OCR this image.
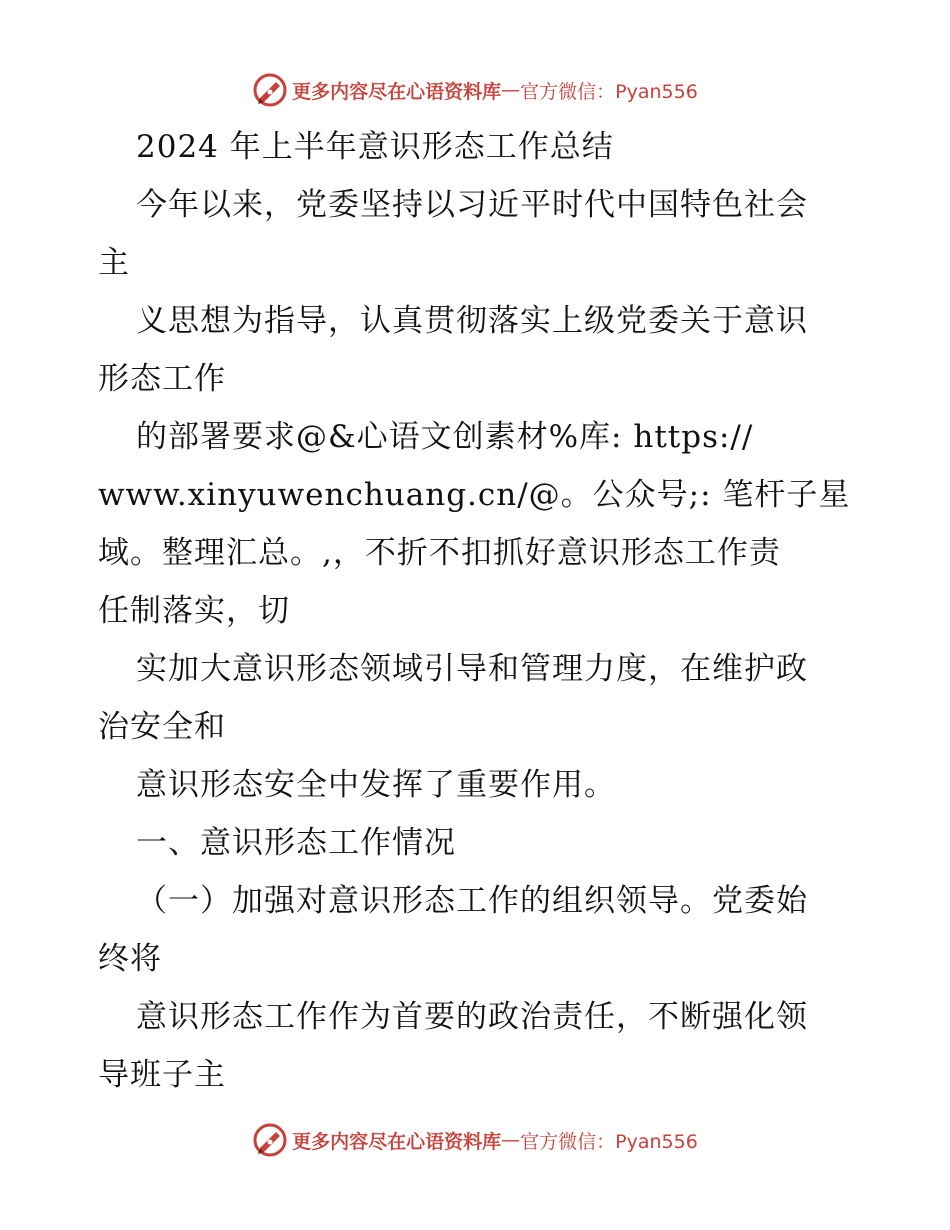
更多内容尽在心语资料库 — 官方微信：Pyan556

2024 年上半年意识形态工作总结

今年以来，党委坚持以习近平时代中国特色社会

主

义思想为指导，认真贯彻落实上级党委关于意识

形态工作

的部署要求@&心语文创素材%库: https://

www.xinyuwenchuang.cn/@。公众号;: 笔杆子星

域。整理汇总。,，不折不扣抓好意识形态工作责

任制落实，切

实加大意识形态领域引导和管理力度，在维护政

治安全和

意识形态安全中发挥了重要作用。

一、意识形态工作情况

（一）加强对意识形态工作的组织领导。党委始

终将

意识形态工作作为首要的政治责任，不断强化领

导班子主

更多内容尽在心语资料库 — 官方微信：Pyan556
